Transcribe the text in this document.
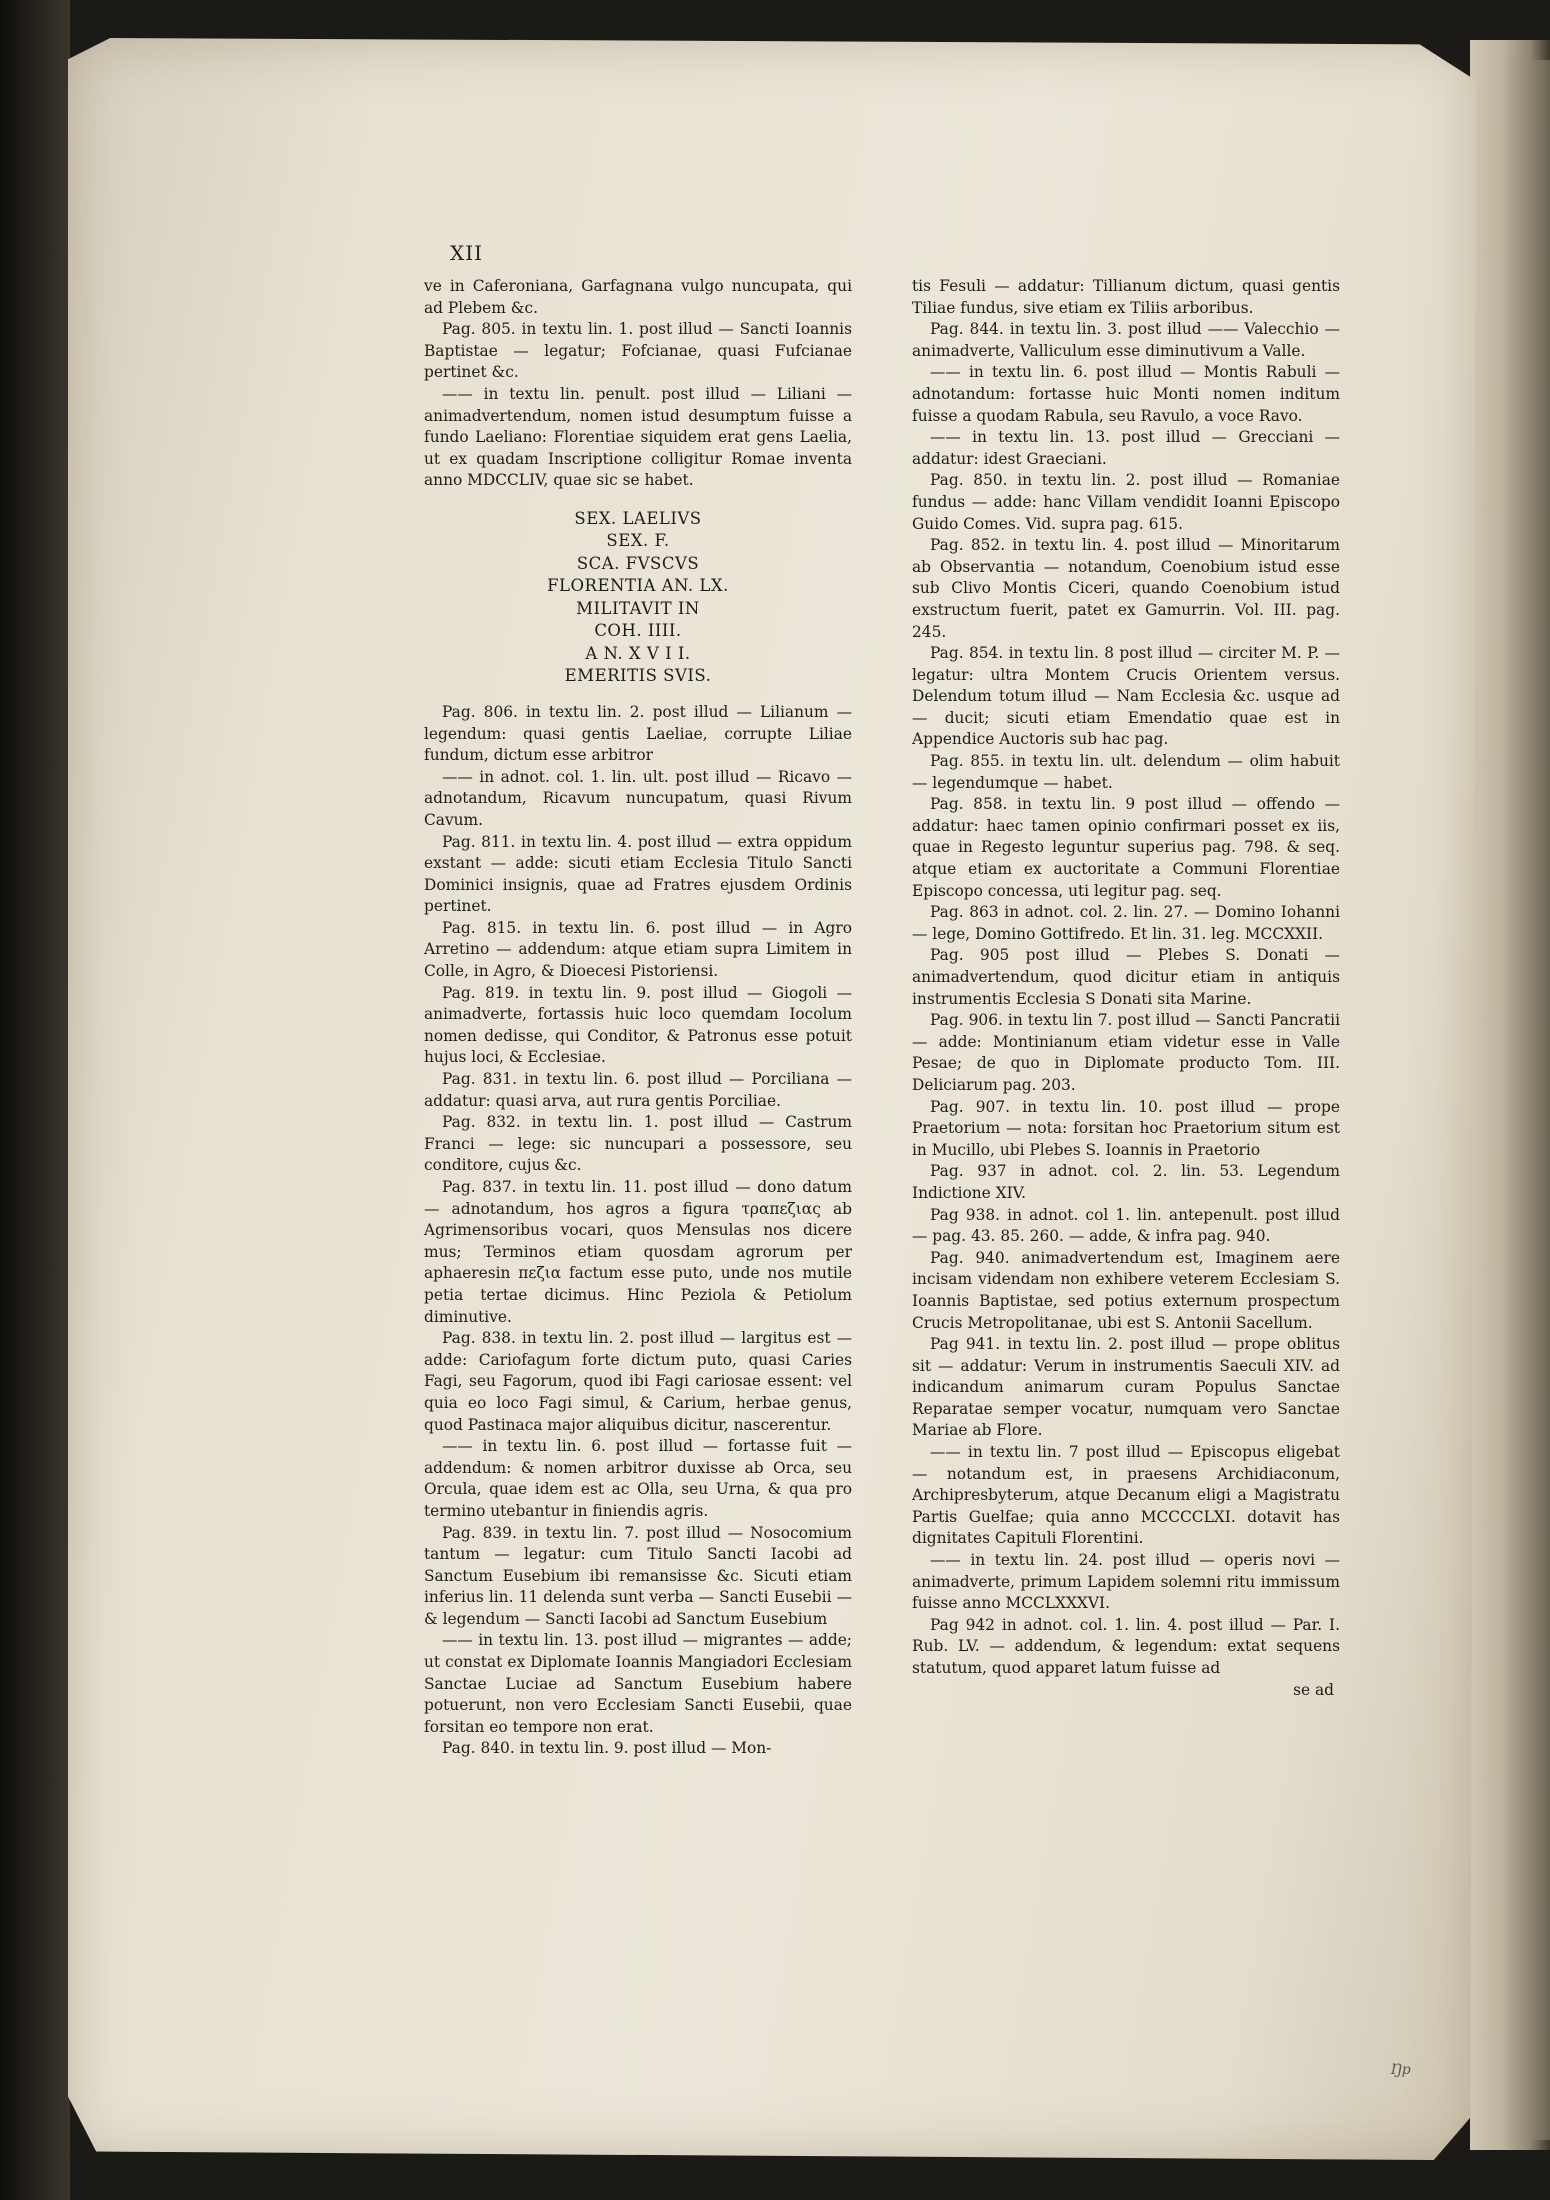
XII

ve in Caferoniana, Garfagnana vulgo nuncupata, qui ad Plebem &c.

Pag. 805. in textu lin. 1. post illud — Sancti Ioannis Baptistae — legatur; Fofcianae, quasi Fufcianae pertinet &c.

—— in textu lin. penult. post illud — Liliani — animadvertendum, nomen istud desumptum fuisse a fundo Laeliano: Florentiae siquidem erat gens Laelia, ut ex quadam Inscriptione colligitur Romae inventa anno MDCCLIV, quae sic se habet.

SEX. LAELIVS
SEX. F.
SCA. FVSCVS
FLORENTIA AN. LX.
MILITAVIT IN
COH. IIII.
A N. X V I I.
EMERITIS SVIS.

Pag. 806. in textu lin. 2. post illud — Lilianum — legendum: quasi gentis Laeliae, corrupte Liliae fundum, dictum esse arbitror

—— in adnot. col. 1. lin. ult. post illud — Ricavo — adnotandum, Ricavum nuncupatum, quasi Rivum Cavum.

Pag. 811. in textu lin. 4. post illud — extra oppidum exstant — adde: sicuti etiam Ecclesia Titulo Sancti Dominici insignis, quae ad Fratres ejusdem Ordinis pertinet.

Pag. 815. in textu lin. 6. post illud — in Agro Arretino — addendum: atque etiam supra Limitem in Colle, in Agro, & Dioecesi Pistoriensi.

Pag. 819. in textu lin. 9. post illud — Giogoli — animadverte, fortassis huic loco quemdam Iocolum nomen dedisse, qui Conditor, & Patronus esse potuit hujus loci, & Ecclesiae.

Pag. 831. in textu lin. 6. post illud — Porciliana — addatur: quasi arva, aut rura gentis Porciliae.

Pag. 832. in textu lin. 1. post illud — Castrum Franci — lege: sic nuncupari a possessore, seu conditore, cujus &c.

Pag. 837. in textu lin. 11. post illud — dono datum — adnotandum, hos agros a figura τραπεζιας ab Agrimensoribus vocari, quos Mensulas nos dicere mus; Terminos etiam quosdam agrorum per aphaeresin πεζια factum esse puto, unde nos mutile petia tertae dicimus. Hinc Peziola & Petiolum diminutive.

Pag. 838. in textu lin. 2. post illud — largitus est — adde: Cariofagum forte dictum puto, quasi Caries Fagi, seu Fagorum, quod ibi Fagi cariosae essent: vel quia eo loco Fagi simul, & Carium, herbae genus, quod Pastinaca major aliquibus dicitur, nascerentur.

—— in textu lin. 6. post illud — fortasse fuit — addendum: & nomen arbitror duxisse ab Orca, seu Orcula, quae idem est ac Olla, seu Urna, & qua pro termino utebantur in finiendis agris.

Pag. 839. in textu lin. 7. post illud — Nosocomium tantum — legatur: cum Titulo Sancti Iacobi ad Sanctum Eusebium ibi remansisse &c. Sicuti etiam inferius lin. 11 delenda sunt verba — Sancti Eusebii — & legendum — Sancti Iacobi ad Sanctum Eusebium

—— in textu lin. 13. post illud — migrantes — adde; ut constat ex Diplomate Ioannis Mangiadori Ecclesiam Sanctae Luciae ad Sanctum Eusebium habere potuerunt, non vero Ecclesiam Sancti Eusebii, quae forsitan eo tempore non erat.

Pag. 840. in textu lin. 9. post illud — Mon-

tis Fesuli — addatur: Tillianum dictum, quasi gentis Tiliae fundus, sive etiam ex Tiliis arboribus.

Pag. 844. in textu lin. 3. post illud —— Valecchio — animadverte, Valliculum esse diminutivum a Valle.

—— in textu lin. 6. post illud — Montis Rabuli — adnotandum: fortasse huic Monti nomen inditum fuisse a quodam Rabula, seu Ravulo, a voce Ravo.

—— in textu lin. 13. post illud — Grecciani — addatur: idest Graeciani.

Pag. 850. in textu lin. 2. post illud — Romaniae fundus — adde: hanc Villam vendidit Ioanni Episcopo Guido Comes. Vid. supra pag. 615.

Pag. 852. in textu lin. 4. post illud — Minoritarum ab Observantia — notandum, Coenobium istud esse sub Clivo Montis Ciceri, quando Coenobium istud exstructum fuerit, patet ex Gamurrin. Vol. III. pag. 245.

Pag. 854. in textu lin. 8 post illud — circiter M. P. — legatur: ultra Montem Crucis Orientem versus. Delendum totum illud — Nam Ecclesia &c. usque ad — ducit; sicuti etiam Emendatio quae est in Appendice Auctoris sub hac pag.

Pag. 855. in textu lin. ult. delendum — olim habuit — legendumque — habet.

Pag. 858. in textu lin. 9 post illud — offendo — addatur: haec tamen opinio confirmari posset ex iis, quae in Regesto leguntur superius pag. 798. & seq. atque etiam ex auctoritate a Communi Florentiae Episcopo concessa, uti legitur pag. seq.

Pag. 863 in adnot. col. 2. lin. 27. — Domino Iohanni — lege, Domino Gottifredo. Et lin. 31. leg. MCCXXII.

Pag. 905 post illud — Plebes S. Donati — animadvertendum, quod dicitur etiam in antiquis instrumentis Ecclesia S Donati sita Marine.

Pag. 906. in textu lin 7. post illud — Sancti Pancratii — adde: Montinianum etiam videtur esse in Valle Pesae; de quo in Diplomate producto Tom. III. Deliciarum pag. 203.

Pag. 907. in textu lin. 10. post illud — prope Praetorium — nota: forsitan hoc Praetorium situm est in Mucillo, ubi Plebes S. Ioannis in Praetorio

Pag. 937 in adnot. col. 2. lin. 53. Legendum Indictione XIV.

Pag 938. in adnot. col 1. lin. antepenult. post illud — pag. 43. 85. 260. — adde, & infra pag. 940.

Pag. 940. animadvertendum est, Imaginem aere incisam videndam non exhibere veterem Ecclesiam S. Ioannis Baptistae, sed potius externum prospectum Crucis Metropolitanae, ubi est S. Antonii Sacellum.

Pag 941. in textu lin. 2. post illud — prope oblitus sit — addatur: Verum in instrumentis Saeculi XIV. ad indicandum animarum curam Populus Sanctae Reparatae semper vocatur, numquam vero Sanctae Mariae ab Flore.

—— in textu lin. 7 post illud — Episcopus eligebat — notandum est, in praesens Archidiaconum, Archipresbyterum, atque Decanum eligi a Magistratu Partis Guelfae; quia anno MCCCCLXI. dotavit has dignitates Capituli Florentini.

—— in textu lin. 24. post illud — operis novi — animadverte, primum Lapidem solemni ritu immissum fuisse anno MCCLXXXVI.

Pag 942 in adnot. col. 1. lin. 4. post illud — Par. I. Rub. LV. — addendum, & legendum: extat sequens statutum, quod apparet latum fuisse ad

se ad

Ŋp
